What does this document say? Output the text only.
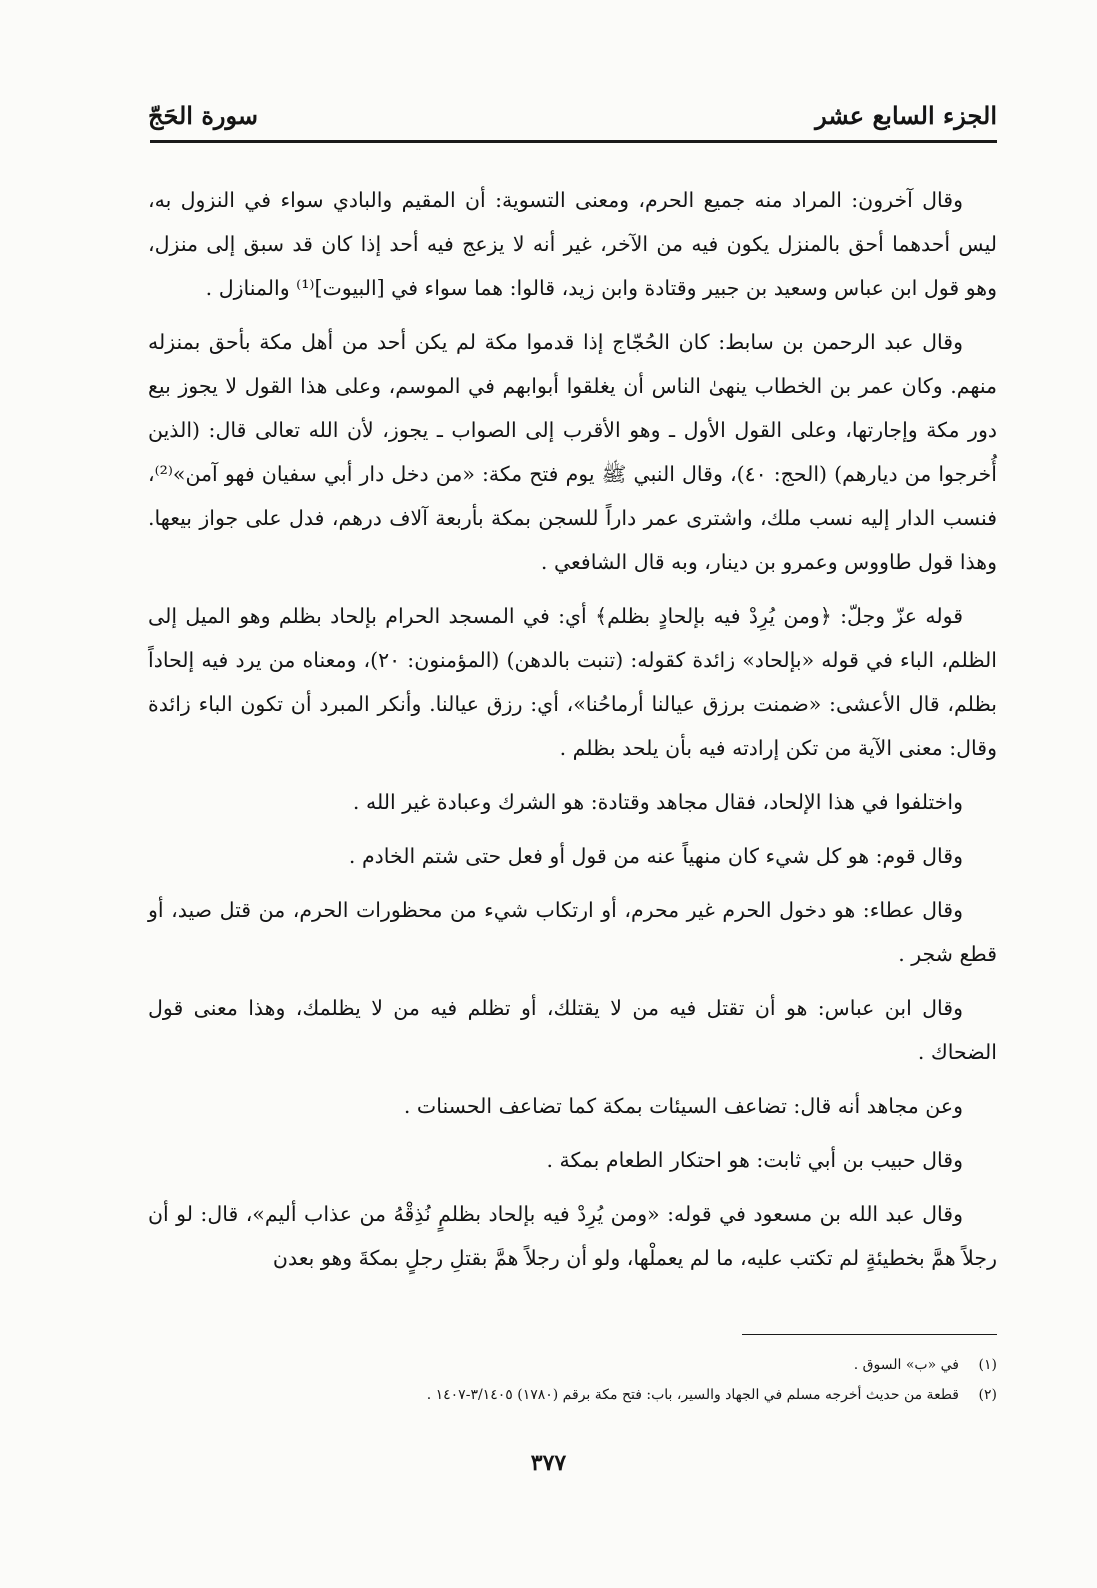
الجزء السابع عشر
سورة الحَجّ

وقال آخرون: المراد منه جميع الحرم، ومعنى التسوية: أن المقيم والبادي سواء في النزول به، ليس أحدهما أحق بالمنزل يكون فيه من الآخر، غير أنه لا يزعج فيه أحد إذا كان قد سبق إلى منزل، وهو قول ابن عباس وسعيد بن جبير وقتادة وابن زيد، قالوا: هما سواء في [البيوت]⁽¹⁾ والمنازل .

وقال عبد الرحمن بن سابط: كان الحُجّاج إذا قدموا مكة لم يكن أحد من أهل مكة بأحق بمنزله منهم. وكان عمر بن الخطاب ينهىٰ الناس أن يغلقوا أبوابهم في الموسم، وعلى هذا القول لا يجوز بيع دور مكة وإجارتها، وعلى القول الأول ـ وهو الأقرب إلى الصواب ـ يجوز، لأن الله تعالى قال: (الذين أُخرجوا من ديارهم) (الحج: ٤٠)، وقال النبي ﷺ يوم فتح مكة: «من دخل دار أبي سفيان فهو آمن»⁽²⁾، فنسب الدار إليه نسب ملك، واشترى عمر داراً للسجن بمكة بأربعة آلاف درهم، فدل على جواز بيعها. وهذا قول طاووس وعمرو بن دينار، وبه قال الشافعي .

قوله عزّ وجلّ: ﴿ومن يُرِدْ فيه بإلحادٍ بظلم﴾ أي: في المسجد الحرام بإلحاد بظلم وهو الميل إلى الظلم، الباء في قوله «بإلحاد» زائدة كقوله: (تنبت بالدهن) (المؤمنون: ٢٠)، ومعناه من يرد فيه إلحاداً بظلم، قال الأعشى: «ضمنت برزق عيالنا أرماحُنا»، أي: رزق عيالنا. وأنكر المبرد أن تكون الباء زائدة وقال: معنى الآية من تكن إرادته فيه بأن يلحد بظلم .

واختلفوا في هذا الإلحاد، فقال مجاهد وقتادة: هو الشرك وعبادة غير الله .

وقال قوم: هو كل شيء كان منهياً عنه من قول أو فعل حتى شتم الخادم .

وقال عطاء: هو دخول الحرم غير محرم، أو ارتكاب شيء من محظورات الحرم، من قتل صيد، أو قطع شجر .

وقال ابن عباس: هو أن تقتل فيه من لا يقتلك، أو تظلم فيه من لا يظلمك، وهذا معنى قول الضحاك .

وعن مجاهد أنه قال: تضاعف السيئات بمكة كما تضاعف الحسنات .

وقال حبيب بن أبي ثابت: هو احتكار الطعام بمكة .

وقال عبد الله بن مسعود في قوله: «ومن يُرِدْ فيه بإلحاد بظلمٍ نُذِقْهُ من عذاب أليم»، قال: لو أن رجلاً همَّ بخطيئةٍ لم تكتب عليه، ما لم يعملْها، ولو أن رجلاً همَّ بقتلِ رجلٍ بمكةَ وهو بعدن

(١)
في «ب» السوق .
(٢)
قطعة من حديث أخرجه مسلم في الجهاد والسير، باب: فتح مكة برقم (١٧٨٠) ٣/١٤٠٥-١٤٠٧ .
٣٧٧
